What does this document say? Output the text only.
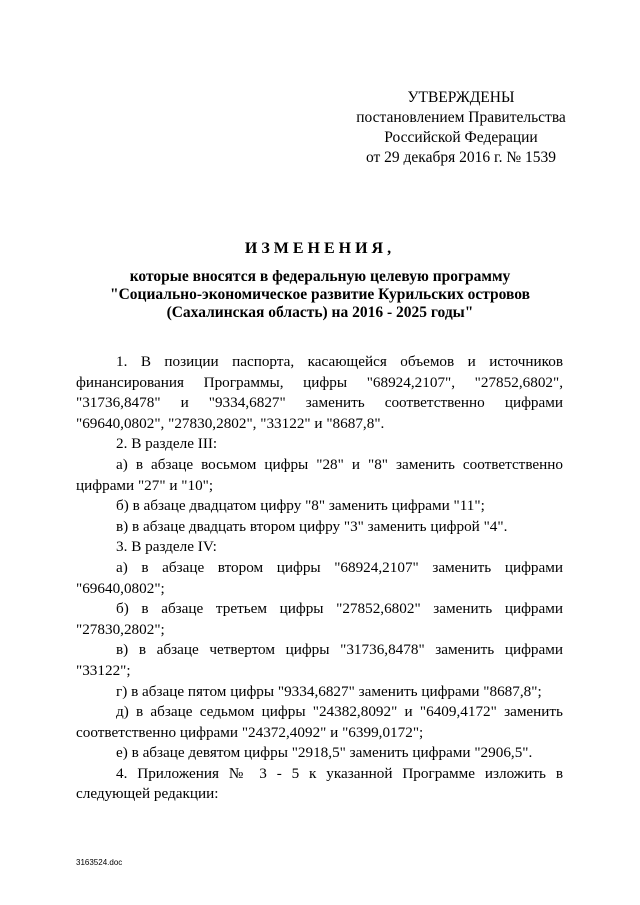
УТВЕРЖДЕНЫ
постановлением Правительства
Российской Федерации
от 29 декабря 2016 г. № 1539
ИЗМЕНЕНИЯ,
которые вносятся в федеральную целевую программу
"Социально-экономическое развитие Курильских островов
(Сахалинская область) на 2016 - 2025 годы"

1. В позиции паспорта, касающейся объемов и источников финансирования Программы, цифры "68924,2107", "27852,6802", "31736,8478" и "9334,6827" заменить соответственно цифрами "69640,0802", "27830,2802", "33122" и "8687,8".

2. В разделе III:

а) в абзаце восьмом цифры "28" и "8" заменить соответственно цифрами "27" и "10";

б) в абзаце двадцатом цифру "8" заменить цифрами "11";

в) в абзаце двадцать втором цифру "3" заменить цифрой "4".

3. В разделе IV:

а) в абзаце втором цифры "68924,2107" заменить цифрами "69640,0802";

б) в абзаце третьем цифры "27852,6802" заменить цифрами "27830,2802";

в) в абзаце четвертом цифры "31736,8478" заменить цифрами "33122";

г) в абзаце пятом цифры "9334,6827" заменить цифрами "8687,8";

д) в абзаце седьмом цифры "24382,8092" и "6409,4172" заменить соответственно цифрами "24372,4092" и "6399,0172";

е) в абзаце девятом цифры "2918,5" заменить цифрами "2906,5".

4. Приложения № 3 - 5 к указанной Программе изложить в следующей редакции:

3163524.doc
